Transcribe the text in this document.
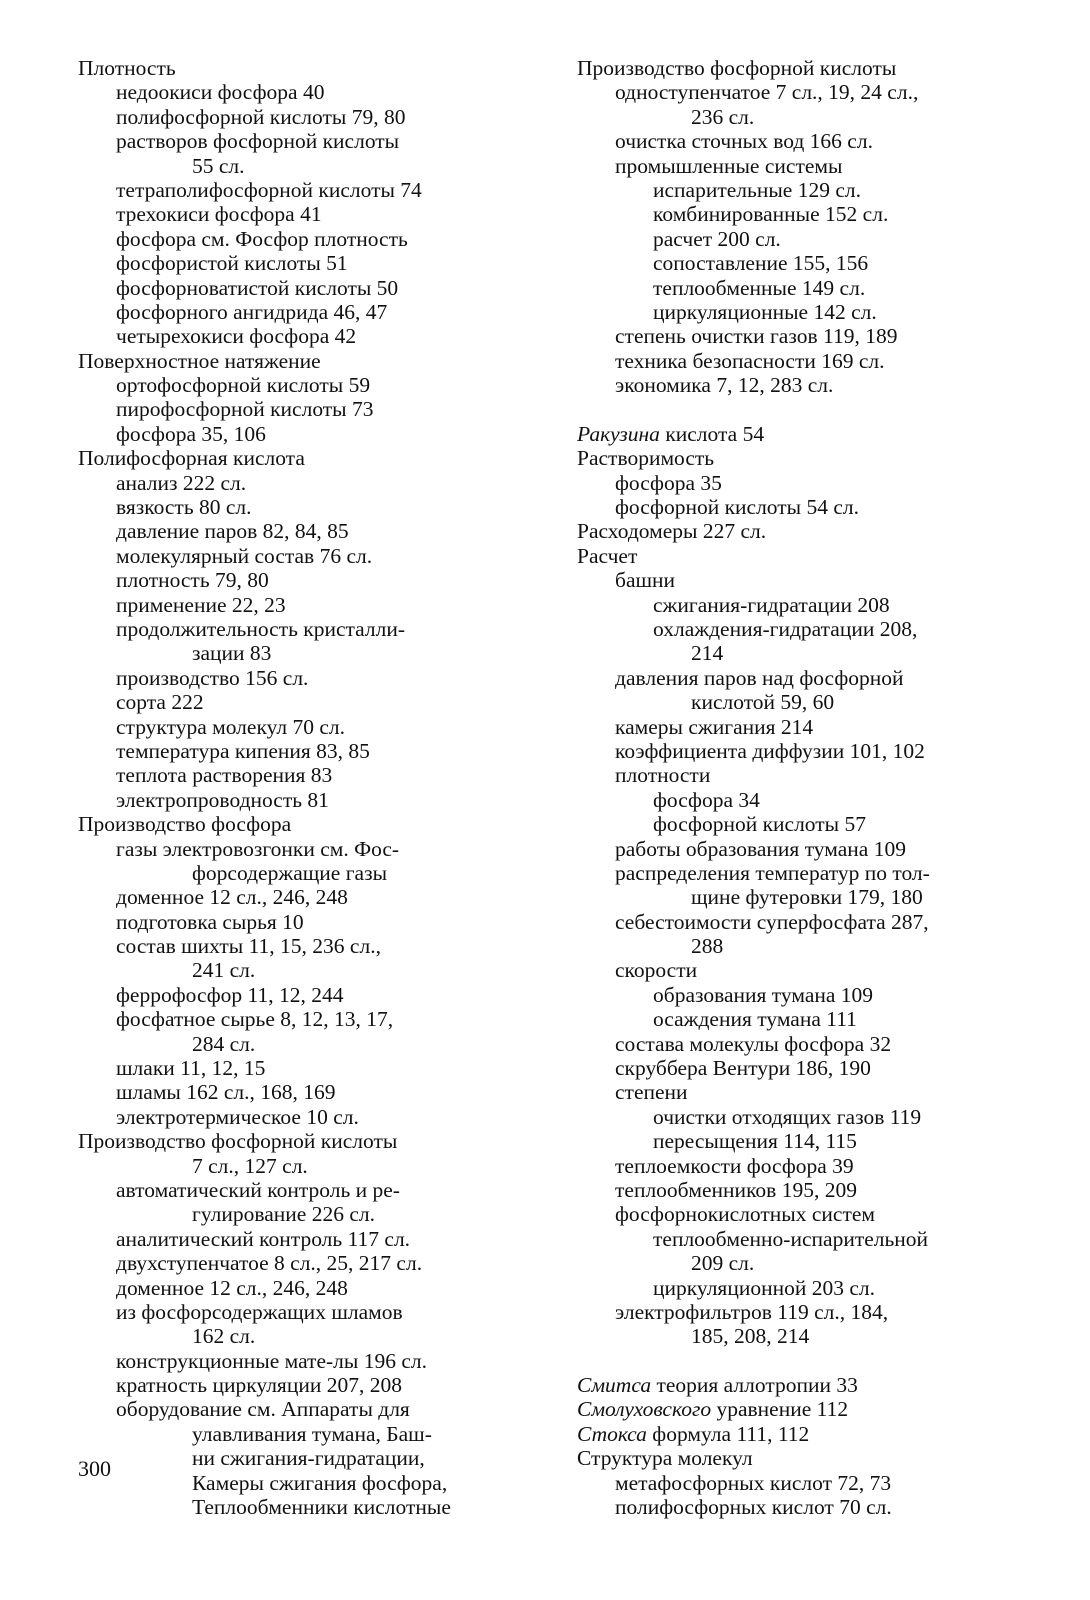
Плотность
недоокиси фосфора 40
полифосфорной кислоты 79, 80
растворов фосфорной кислоты
55 сл.
тетраполифосфорной кислоты 74
трехокиси фосфора 41
фосфора см. Фосфор плотность
фосфористой кислоты 51
фосфорноватистой кислоты 50
фосфорного ангидрида 46, 47
четырехокиси фосфора 42
Поверхностное натяжение
ортофосфорной кислоты 59
пирофосфорной кислоты 73
фосфора 35, 106
Полифосфорная кислота
анализ 222 сл.
вязкость 80 сл.
давление паров 82, 84, 85
молекулярный состав 76 сл.
плотность 79, 80
применение 22, 23
продолжительность кристалли-
зации 83
производство 156 сл.
сорта 222
структура молекул 70 сл.
температура кипения 83, 85
теплота растворения 83
электропроводность 81
Производство фосфора
газы электровозгонки см. Фос-
форсодержащие газы
доменное 12 сл., 246, 248
подготовка сырья 10
состав шихты 11, 15, 236 сл.,
241 сл.
феррофосфор 11, 12, 244
фосфатное сырье 8, 12, 13, 17,
284 сл.
шлаки 11, 12, 15
шламы 162 сл., 168, 169
электротермическое 10 сл.
Производство фосфорной кислоты
7 сл., 127 сл.
автоматический контроль и ре-
гулирование 226 сл.
аналитический контроль 117 сл.
двухступенчатое 8 сл., 25, 217 сл.
доменное 12 сл., 246, 248
из фосфорсодержащих шламов
162 сл.
конструкционные мате-лы 196 сл.
кратность циркуляции 207, 208
оборудование см. Аппараты для
улавливания тумана, Баш-
ни сжигания-гидратации,
Камеры сжигания фосфора,
Теплообменники кислотные
Производство фосфорной кислоты
одноступенчатое 7 сл., 19, 24 сл.,
236 сл.
очистка сточных вод 166 сл.
промышленные системы
испарительные 129 сл.
комбинированные 152 сл.
расчет 200 сл.
сопоставление 155, 156
теплообменные 149 сл.
циркуляционные 142 сл.
степень очистки газов 119, 189
техника безопасности 169 сл.
экономика 7, 12, 283 сл.
Ракузина кислота 54
Растворимость
фосфора 35
фосфорной кислоты 54 сл.
Расходомеры 227 сл.
Расчет
башни
сжигания-гидратации 208
охлаждения-гидратации 208,
214
давления паров над фосфорной
кислотой 59, 60
камеры сжигания 214
коэффициента диффузии 101, 102
плотности
фосфора 34
фосфорной кислоты 57
работы образования тумана 109
распределения температур по тол-
щине футеровки 179, 180
себестоимости суперфосфата 287,
288
скорости
образования тумана 109
осаждения тумана 111
состава молекулы фосфора 32
скруббера Вентури 186, 190
степени
очистки отходящих газов 119
пересыщения 114, 115
теплоемкости фосфора 39
теплообменников 195, 209
фосфорнокислотных систем
теплообменно-испарительной
209 сл.
циркуляционной 203 сл.
электрофильтров 119 сл., 184,
185, 208, 214
Смитса теория аллотропии 33
Смолуховского уравнение 112
Стокса формула 111, 112
Структура молекул
метафосфорных кислот 72, 73
полифосфорных кислот 70 сл.
300
